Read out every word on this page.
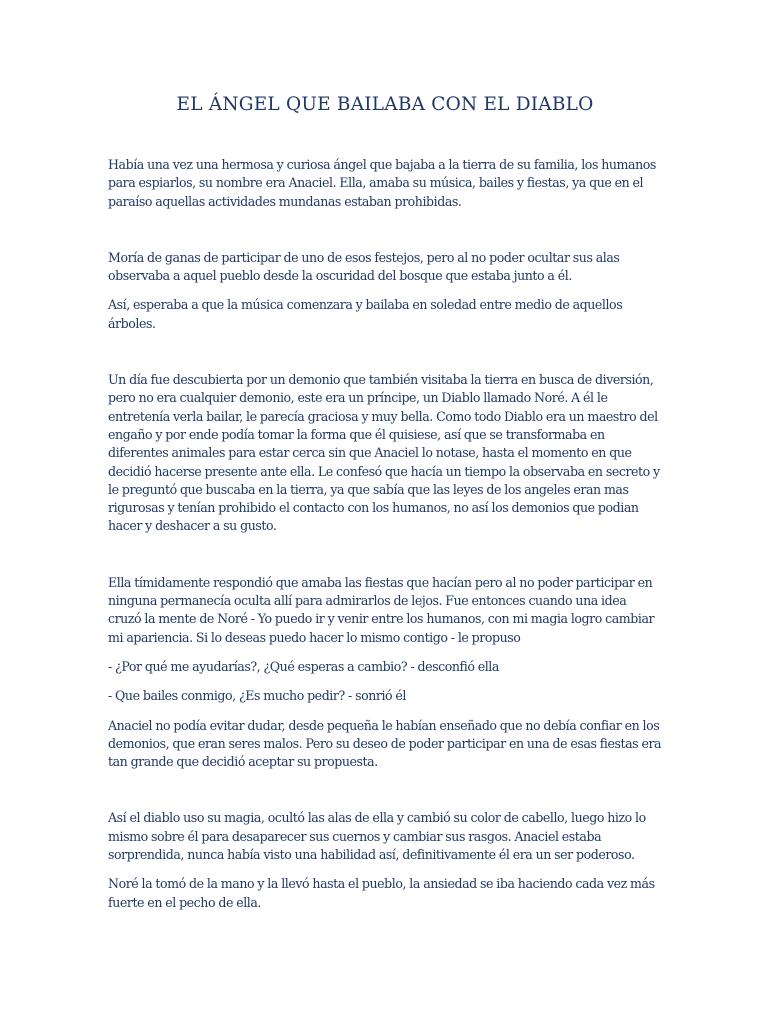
EL ÁNGEL QUE BAILABA CON EL DIABLO

Había una vez una hermosa y curiosa ángel que bajaba a la tierra de su familia, los humanos para espiarlos, su nombre era Anaciel. Ella, amaba su música, bailes y fiestas, ya que en el paraíso aquellas actividades mundanas estaban prohibidas.

Moría de ganas de participar de uno de esos festejos, pero al no poder ocultar sus alas observaba a aquel pueblo desde la oscuridad del bosque que estaba junto a él.

Así, esperaba a que la música comenzara y bailaba en soledad entre medio de aquellos árboles.

Un día fue descubierta por un demonio que también visitaba la tierra en busca de diversión, pero no era cualquier demonio, este era un príncipe, un Diablo llamado Noré. A él le entretenía verla bailar, le parecía graciosa y muy bella. Como todo Diablo era un maestro del engaño y por ende podía tomar la forma que él quisiese, así que se transformaba en diferentes animales para estar cerca sin que Anaciel lo notase, hasta el momento en que decidió hacerse presente ante ella. Le confesó que hacía un tiempo la observaba en secreto y le preguntó que buscaba en la tierra, ya que sabía que las leyes de los angeles eran mas rigurosas y tenían prohibido el contacto con los humanos, no así los demonios que podian hacer y deshacer a su gusto.

Ella tímidamente respondió que amaba las fiestas que hacían pero al no poder participar en ninguna permanecía oculta allí para admirarlos de lejos. Fue entonces cuando una idea cruzó la mente de Noré - Yo puedo ir y venir entre los humanos, con mi magia logro cambiar mi apariencia. Si lo deseas puedo hacer lo mismo contigo - le propuso

- ¿Por qué me ayudarías?, ¿Qué esperas a cambio? - desconfió ella

- Que bailes conmigo, ¿Es mucho pedir? - sonrió él

Anaciel no podía evitar dudar, desde pequeña le habían enseñado que no debía confiar en los demonios, que eran seres malos. Pero su deseo de poder participar en una de esas fiestas era tan grande que decidió aceptar su propuesta.

Así el diablo uso su magia, ocultó las alas de ella y cambió su color de cabello, luego hizo lo mismo sobre él para desaparecer sus cuernos y cambiar sus rasgos. Anaciel estaba sorprendida, nunca había visto una habilidad así, definitivamente él era un ser poderoso.

Noré la tomó de la mano y la llevó hasta el pueblo, la ansiedad se iba haciendo cada vez más fuerte en el pecho de ella.
